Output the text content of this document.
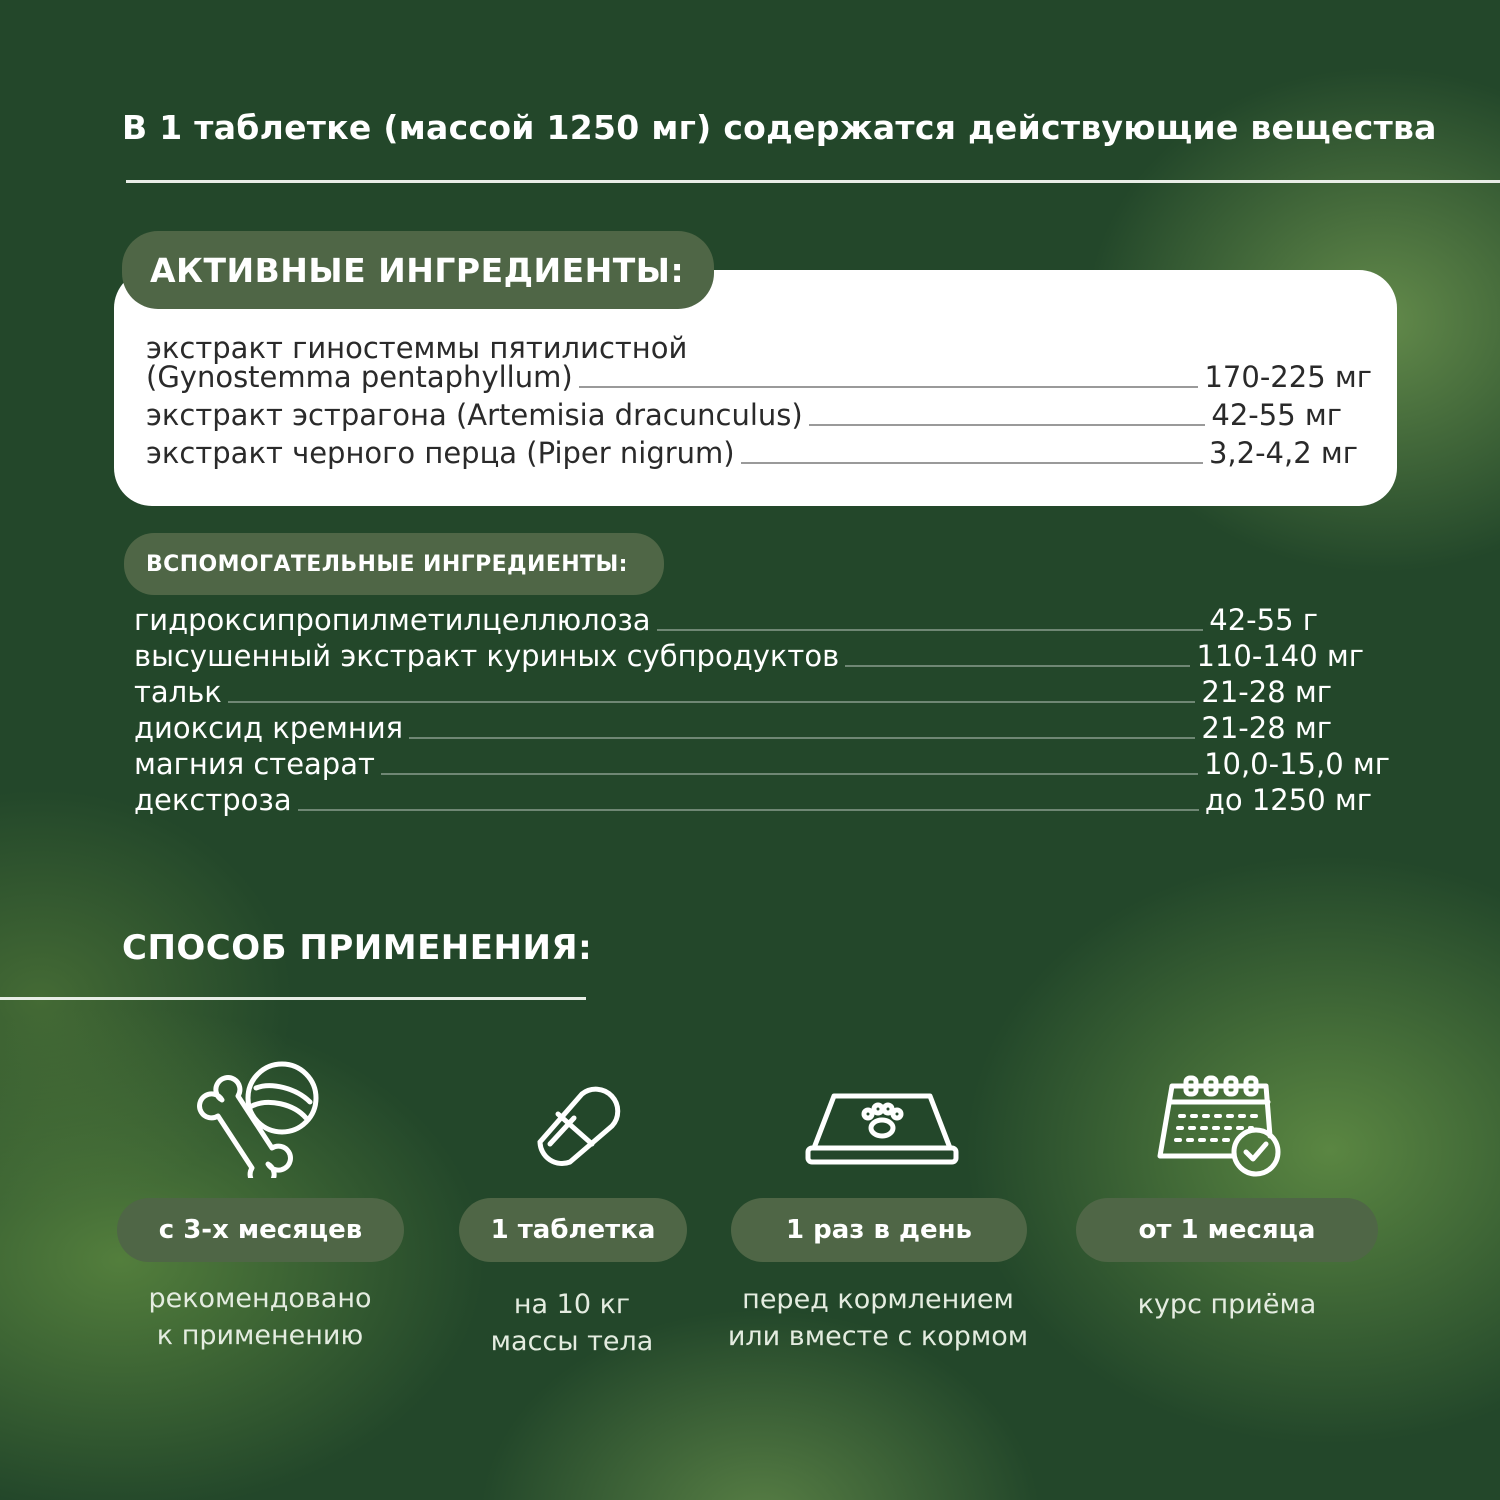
В 1 таблетке (массой 1250 мг) содержатся действующие вещества
АКТИВНЫЕ ИНГРЕДИЕНТЫ:
экстракт гиностеммы пятилистной
(Gynostemma pentaphyllum)	170-225 мг
экстракт эстрагона (Artemisia dracunculus)	42-55 мг
экстракт черного перца (Piper nigrum)	3,2-4,2 мг
ВСПОМОГАТЕЛЬНЫЕ ИНГРЕДИЕНТЫ:
гидроксипропилметилцеллюлоза	42-55 г
высушенный экстракт куриных субпродуктов	110-140 мг
тальк	21-28 мг
диоксид кремния	21-28 мг
магния стеарат	10,0-15,0 мг
декстроза	до 1250 мг
СПОСОБ ПРИМЕНЕНИЯ:
с 3-х месяцев	1 таблетка	1 раз в день	от 1 месяца
рекомендовано
к применению
на 10 кг
массы тела
перед кормлением
или вместе с кормом
курс приёма
